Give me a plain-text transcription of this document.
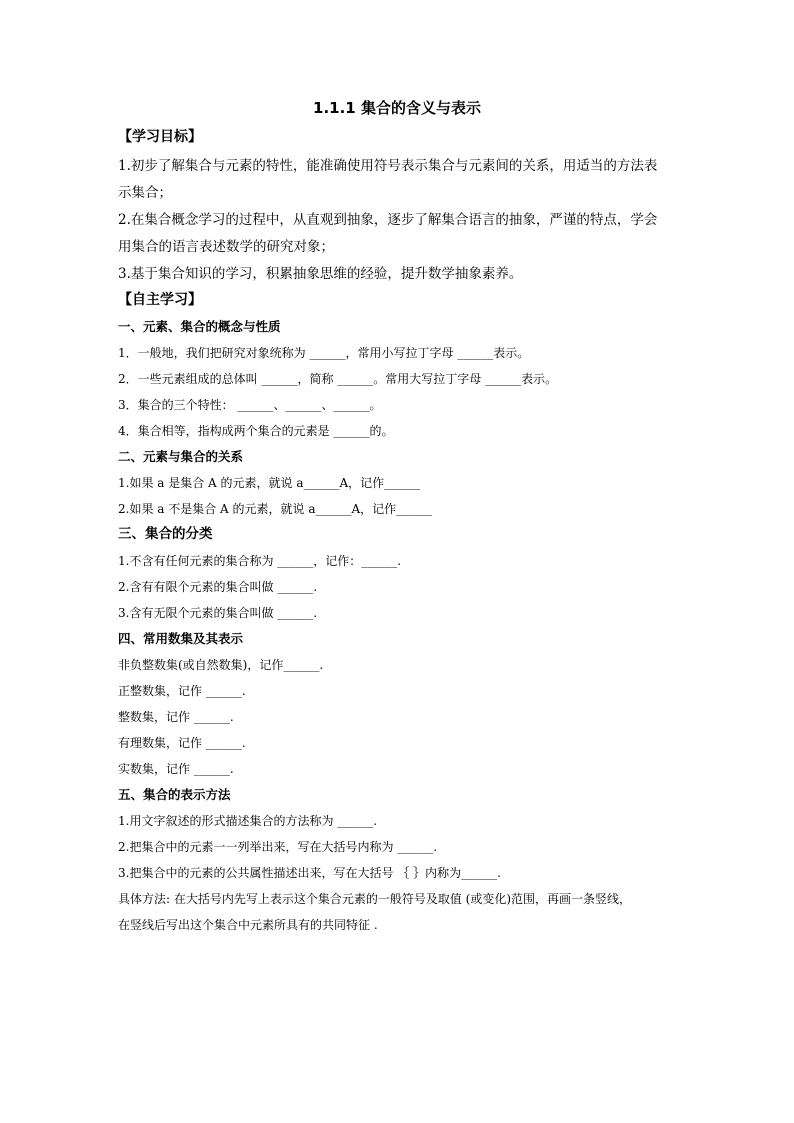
1.1.1 集合的含义与表示
【学习目标】
1.初步了解集合与元素的特性，能准确使用符号表示集合与元素间的关系，用适当的方法表
示集合；
2.在集合概念学习的过程中，从直观到抽象，逐步了解集合语言的抽象，严谨的特点，学会
用集合的语言表述数学的研究对象；
3.基于集合知识的学习，积累抽象思维的经验，提升数学抽象素养。
【自主学习】
一、元素、集合的概念与性质
1．一般地，我们把研究对象统称为 ______，常用小写拉丁字母 ______表示。
2．一些元素组成的总体叫 ______，简称 ______。常用大写拉丁字母 ______表示。
3．集合的三个特性： ______、______、______。
4．集合相等，指构成两个集合的元素是 ______的。
二、元素与集合的关系
1.如果 a 是集合 A 的元素，就说 a______A，记作______
2.如果 a 不是集合 A 的元素，就说 a______A，记作______
三、集合的分类
1.不含有任何元素的集合称为 ______，记作：______.
2.含有有限个元素的集合叫做 ______.
3.含有无限个元素的集合叫做 ______.
四、常用数集及其表示
非负整数集(或自然数集)，记作______.
正整数集，记作 ______.
整数集，记作 ______.
有理数集，记作 ______.
实数集，记作 ______.
五、集合的表示方法
1.用文字叙述的形式描述集合的方法称为 ______.
2.把集合中的元素一一列举出来，写在大括号内称为 ______.
3.把集合中的元素的公共属性描述出来，写在大括号 ｛ ｝内称为______.
具体方法: 在大括号内先写上表示这个集合元素的一般符号及取值 (或变化)范围，再画一条竖线，
在竖线后写出这个集合中元素所具有的共同特征 .
